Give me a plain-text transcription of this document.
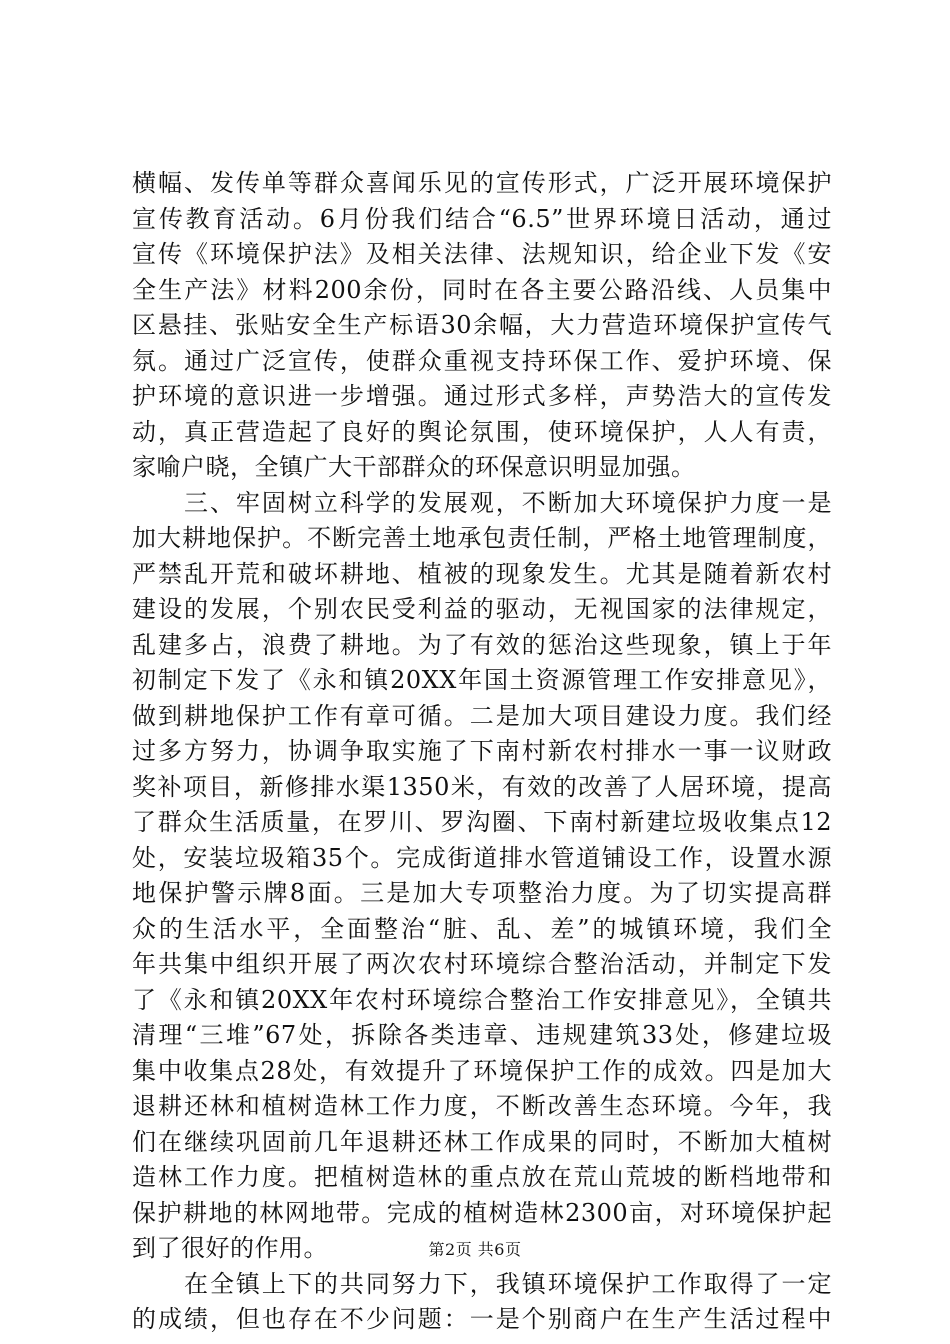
横幅、发传单等群众喜闻乐见的宣传形式，广泛开展环境保护
宣传教育活动。6月份我们结合“6.5”世界环境日活动，通过
宣传《环境保护法》及相关法律、法规知识，给企业下发《安
全生产法》材料200余份，同时在各主要公路沿线、人员集中
区悬挂、张贴安全生产标语30余幅，大力营造环境保护宣传气
氛。通过广泛宣传，使群众重视支持环保工作、爱护环境、保
护环境的意识进一步增强。通过形式多样，声势浩大的宣传发
动，真正营造起了良好的舆论氛围，使环境保护，人人有责，
家喻户晓，全镇广大干部群众的环保意识明显加强。
　　三、牢固树立科学的发展观，不断加大环境保护力度一是
加大耕地保护。不断完善土地承包责任制，严格土地管理制度，
严禁乱开荒和破坏耕地、植被的现象发生。尤其是随着新农村
建设的发展，个别农民受利益的驱动，无视国家的法律规定，
乱建多占，浪费了耕地。为了有效的惩治这些现象，镇上于年
初制定下发了《永和镇20XX年国土资源管理工作安排意见》，
做到耕地保护工作有章可循。二是加大项目建设力度。我们经
过多方努力，协调争取实施了下南村新农村排水一事一议财政
奖补项目，新修排水渠1350米，有效的改善了人居环境，提高
了群众生活质量，在罗川、罗沟圈、下南村新建垃圾收集点12
处，安装垃圾箱35个。完成街道排水管道铺设工作，设置水源
地保护警示牌8面。三是加大专项整治力度。为了切实提高群
众的生活水平，全面整治“脏、乱、差”的城镇环境，我们全
年共集中组织开展了两次农村环境综合整治活动，并制定下发
了《永和镇20XX年农村环境综合整治工作安排意见》，全镇共
清理“三堆”67处，拆除各类违章、违规建筑33处，修建垃圾
集中收集点28处，有效提升了环境保护工作的成效。四是加大
退耕还林和植树造林工作力度，不断改善生态环境。今年，我
们在继续巩固前几年退耕还林工作成果的同时，不断加大植树
造林工作力度。把植树造林的重点放在荒山荒坡的断档地带和
保护耕地的林网地带。完成的植树造林2300亩，对环境保护起
到了很好的作用。
　　在全镇上下的共同努力下，我镇环境保护工作取得了一定
的成绩，但也存在不少问题：一是个别商户在生产生活过程中
第2页 共6页
